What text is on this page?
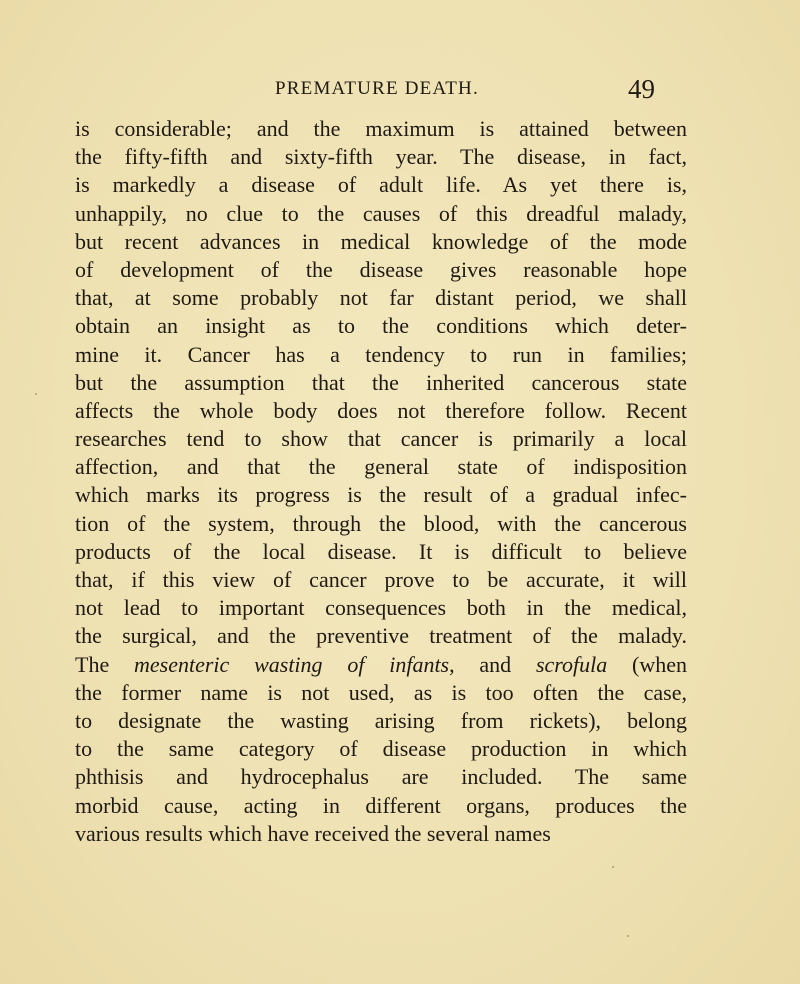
PREMATURE DEATH.	49
is considerable; and the maximum is attained between
the fifty-fifth and sixty-fifth year. The disease, in fact,
is markedly a disease of adult life. As yet there is,
unhappily, no clue to the causes of this dreadful malady,
but recent advances in medical knowledge of the mode
of development of the disease gives reasonable hope
that, at some probably not far distant period, we shall
obtain an insight as to the conditions which deter-
mine it. Cancer has a tendency to run in families;
but the assumption that the inherited cancerous state
affects the whole body does not therefore follow. Recent
researches tend to show that cancer is primarily a local
affection, and that the general state of indisposition
which marks its progress is the result of a gradual infec-
tion of the system, through the blood, with the cancerous
products of the local disease. It is difficult to believe
that, if this view of cancer prove to be accurate, it will
not lead to important consequences both in the medical,
the surgical, and the preventive treatment of the malady.
The mesenteric wasting of infants, and scrofula (when
the former name is not used, as is too often the case,
to designate the wasting arising from rickets), belong
to the same category of disease production in which
phthisis and hydrocephalus are included. The same
morbid cause, acting in different organs, produces the
various results which have received the several names
